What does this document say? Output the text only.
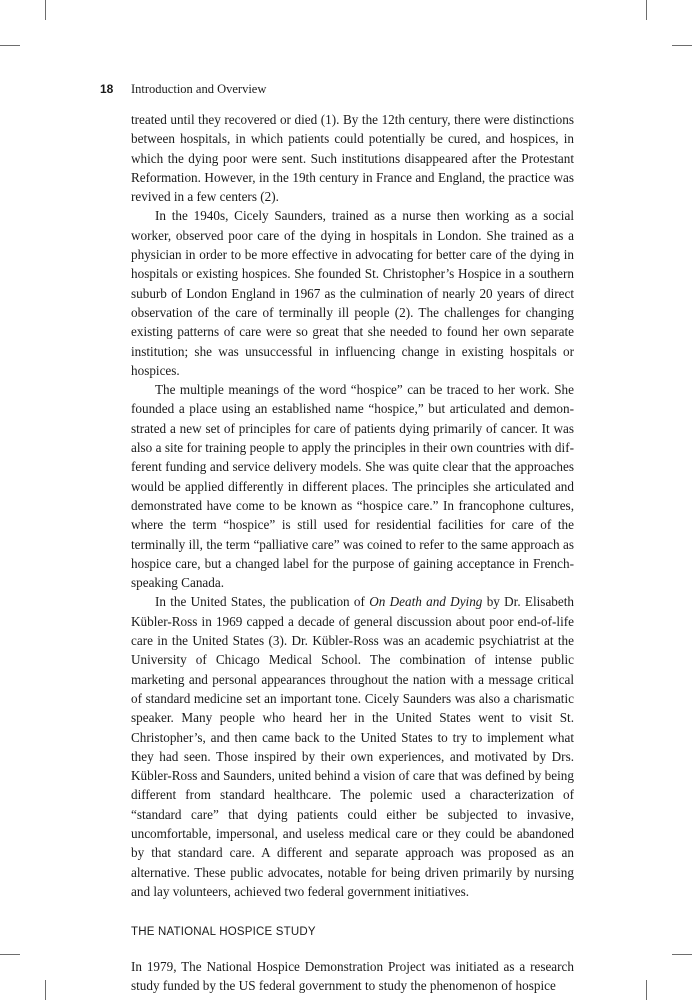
18 Introduction and Overview

treated until they recovered or died (1). By the 12th century, there were distinctions between hospitals, in which patients could potentially be cured, and hospices, in which the dying poor were sent. Such institutions disappeared after the Protestant Reformation. However, in the 19th century in France and England, the practice was revived in a few centers (2).

In the 1940s, Cicely Saunders, trained as a nurse then working as a social worker, observed poor care of the dying in hospitals in London. She trained as a physician in order to be more effective in advocating for better care of the dying in hospitals or existing hospices. She founded St. Christopher’s Hospice in a southern suburb of London England in 1967 as the culmination of nearly 20 years of direct observation of the care of terminally ill people (2). The challenges for changing existing patterns of care were so great that she needed to found her own separate institution; she was unsuccessful in influencing change in existing hospitals or hospices.

The multiple meanings of the word “hospice” can be traced to her work. She founded a place using an established name “hospice,” but articulated and demonstrated a new set of principles for care of patients dying primarily of cancer. It was also a site for training people to apply the principles in their own countries with different funding and service delivery models. She was quite clear that the approaches would be applied differently in different places. The principles she articulated and demonstrated have come to be known as “hospice care.” In francophone cultures, where the term “hospice” is still used for residential facilities for care of the terminally ill, the term “palliative care” was coined to refer to the same approach as hospice care, but a changed label for the purpose of gaining acceptance in French-speaking Canada.

In the United States, the publication of On Death and Dying by Dr. Elisabeth Kübler-Ross in 1969 capped a decade of general discussion about poor end-of-life care in the United States (3). Dr. Kübler-Ross was an academic psychiatrist at the University of Chicago Medical School. The combination of intense public marketing and personal appearances throughout the nation with a message critical of standard medicine set an important tone. Cicely Saunders was also a charismatic speaker. Many people who heard her in the United States went to visit St. Christopher’s, and then came back to the United States to try to implement what they had seen. Those inspired by their own experiences, and motivated by Drs. Kübler-Ross and Saunders, united behind a vision of care that was defined by being different from standard healthcare. The polemic used a characterization of “standard care” that dying patients could either be subjected to invasive, uncomfortable, impersonal, and useless medical care or they could be abandoned by that standard care. A different and separate approach was proposed as an alternative. These public advocates, notable for being driven primarily by nursing and lay volunteers, achieved two federal government initiatives.

THE NATIONAL HOSPICE STUDY

In 1979, The National Hospice Demonstration Project was initiated as a research study funded by the US federal government to study the phenomenon of hospice
